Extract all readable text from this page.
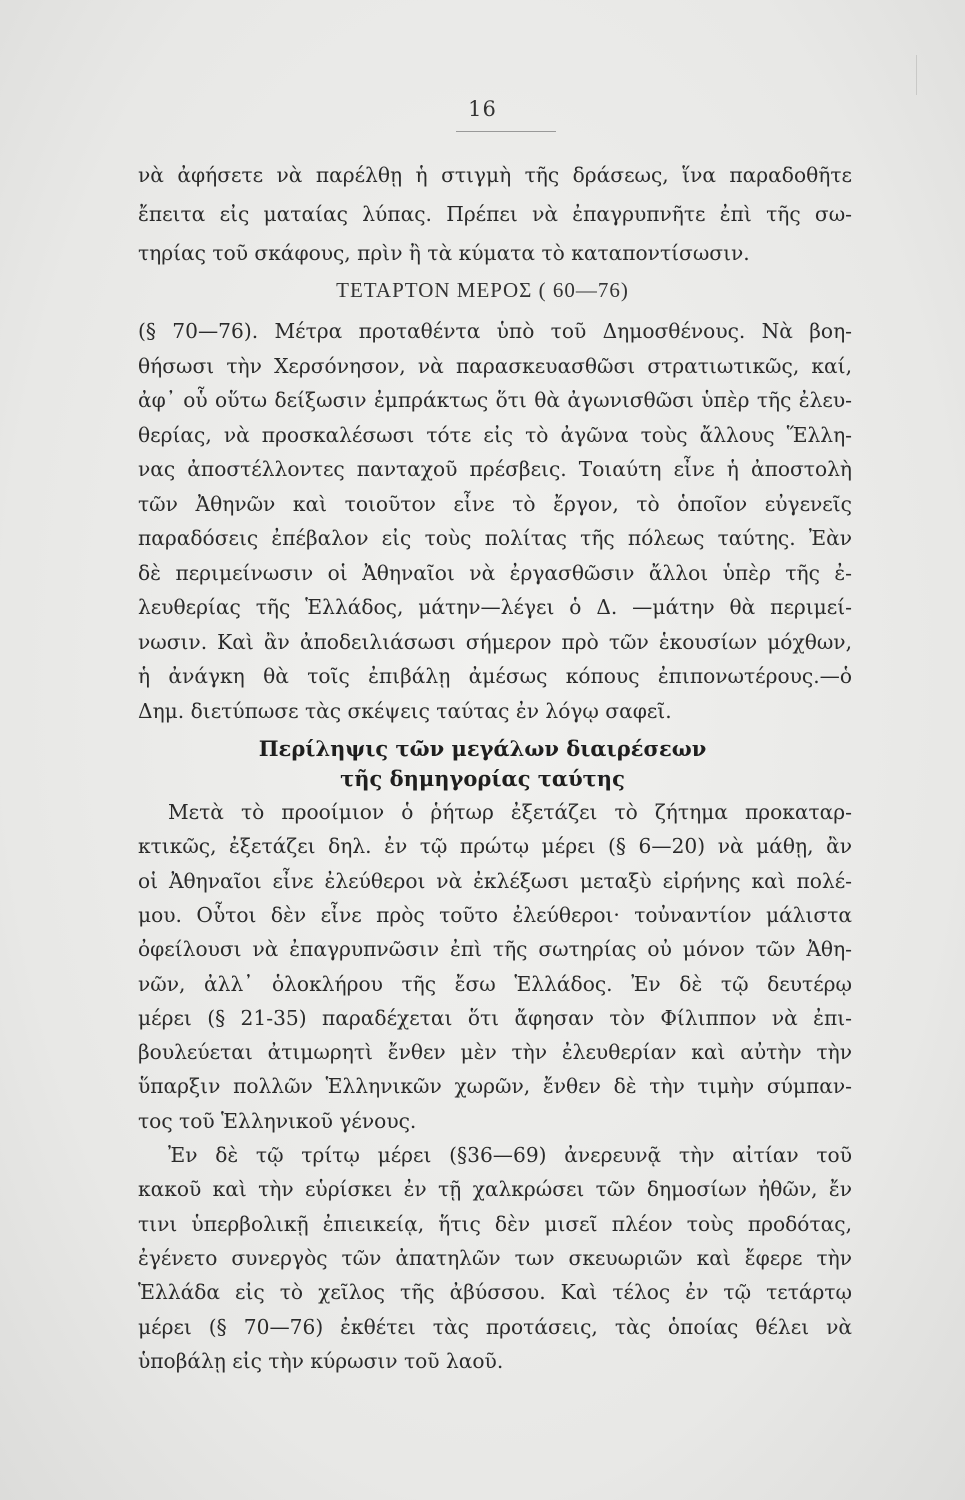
16
νὰ ἀφήσετε νὰ παρέλθῃ ἡ στιγμὴ τῆς δράσεως, ἵνα παραδοθῆτε
ἔπειτα εἰς ματαίας λύπας. Πρέπει νὰ ἐπαγρυπνῆτε ἐπὶ τῆς σω-
τηρίας τοῦ σκάφους, πρὶν ἢ τὰ κύματα τὸ καταποντίσωσιν.
ΤΕΤΑΡΤΟΝ ΜΕΡΟΣ ( 60—76)
(§ 70—76). Μέτρα προταθέντα ὑπὸ τοῦ Δημοσθένους. Νὰ βοη-
θήσωσι τὴν Χερσόνησον, νὰ παρασκευασθῶσι στρατιωτικῶς, καί,
ἀφ᾽ οὗ οὕτω δείξωσιν ἐμπράκτως ὅτι θὰ ἀγωνισθῶσι ὑπὲρ τῆς ἐλευ-
θερίας, νὰ προσκαλέσωσι τότε εἰς τὸ ἀγῶνα τοὺς ἄλλους Ἕλλη-
νας ἀποστέλλοντες πανταχοῦ πρέσβεις. Τοιαύτη εἶνε ἡ ἀποστολὴ
τῶν Ἀθηνῶν καὶ τοιοῦτον εἶνε τὸ ἔργον, τὸ ὁποῖον εὐγενεῖς
παραδόσεις ἐπέβαλον εἰς τοὺς πολίτας τῆς πόλεως ταύτης. Ἐὰν
δὲ περιμείνωσιν οἱ Ἀθηναῖοι νὰ ἐργασθῶσιν ἄλλοι ὑπὲρ τῆς ἐ-
λευθερίας τῆς Ἑλλάδος, μάτην—λέγει ὁ Δ. —μάτην θὰ περιμεί-
νωσιν. Καὶ ἂν ἀποδειλιάσωσι σήμερον πρὸ τῶν ἑκουσίων μόχθων,
ἡ ἀνάγκη θὰ τοῖς ἐπιβάλῃ ἀμέσως κόπους ἐπιπονωτέρους.—ὁ
Δημ. διετύπωσε τὰς σκέψεις ταύτας ἐν λόγῳ σαφεῖ.
Περίληψις τῶν μεγάλων διαιρέσεων
τῆς δημηγορίας ταύτης
Μετὰ τὸ προοίμιον ὁ ῥήτωρ ἐξετάζει τὸ ζήτημα προκαταρ-
κτικῶς, ἐξετάζει δηλ. ἐν τῷ πρώτῳ μέρει (§ 6—20) νὰ μάθῃ, ἂν
οἱ Ἀθηναῖοι εἶνε ἐλεύθεροι νὰ ἐκλέξωσι μεταξὺ εἰρήνης καὶ πολέ-
μου. Οὗτοι δὲν εἶνε πρὸς τοῦτο ἐλεύθεροι· τοὐναντίον μάλιστα
ὀφείλουσι νὰ ἐπαγρυπνῶσιν ἐπὶ τῆς σωτηρίας οὐ μόνον τῶν Ἀθη-
νῶν, ἀλλ᾽ ὁλοκλήρου τῆς ἔσω Ἑλλάδος. Ἐν δὲ τῷ δευτέρῳ
μέρει (§ 21-35) παραδέχεται ὅτι ἄφησαν τὸν Φίλιππον νὰ ἐπι-
βουλεύεται ἀτιμωρητὶ ἔνθεν μὲν τὴν ἐλευθερίαν καὶ αὐτὴν τὴν
ὕπαρξιν πολλῶν Ἑλληνικῶν χωρῶν, ἔνθεν δὲ τὴν τιμὴν σύμπαν-
τος τοῦ Ἑλληνικοῦ γένους.
Ἐν δὲ τῷ τρίτῳ μέρει (§36—69) ἀνερευνᾷ τὴν αἰτίαν τοῦ
κακοῦ καὶ τὴν εὑρίσκει ἐν τῇ χαλκρώσει τῶν δημοσίων ἠθῶν, ἔν
τινι ὑπερβολικῇ ἐπιεικείᾳ, ἥτις δὲν μισεῖ πλέον τοὺς προδότας,
ἐγένετο συνεργὸς τῶν ἀπατηλῶν των σκευωριῶν καὶ ἔφερε τὴν
Ἑλλάδα εἰς τὸ χεῖλος τῆς ἀβύσσου. Καὶ τέλος ἐν τῷ τετάρτῳ
μέρει (§ 70—76) ἐκθέτει τὰς προτάσεις, τὰς ὁποίας θέλει νὰ
ὑποβάλῃ εἰς τὴν κύρωσιν τοῦ λαοῦ.
